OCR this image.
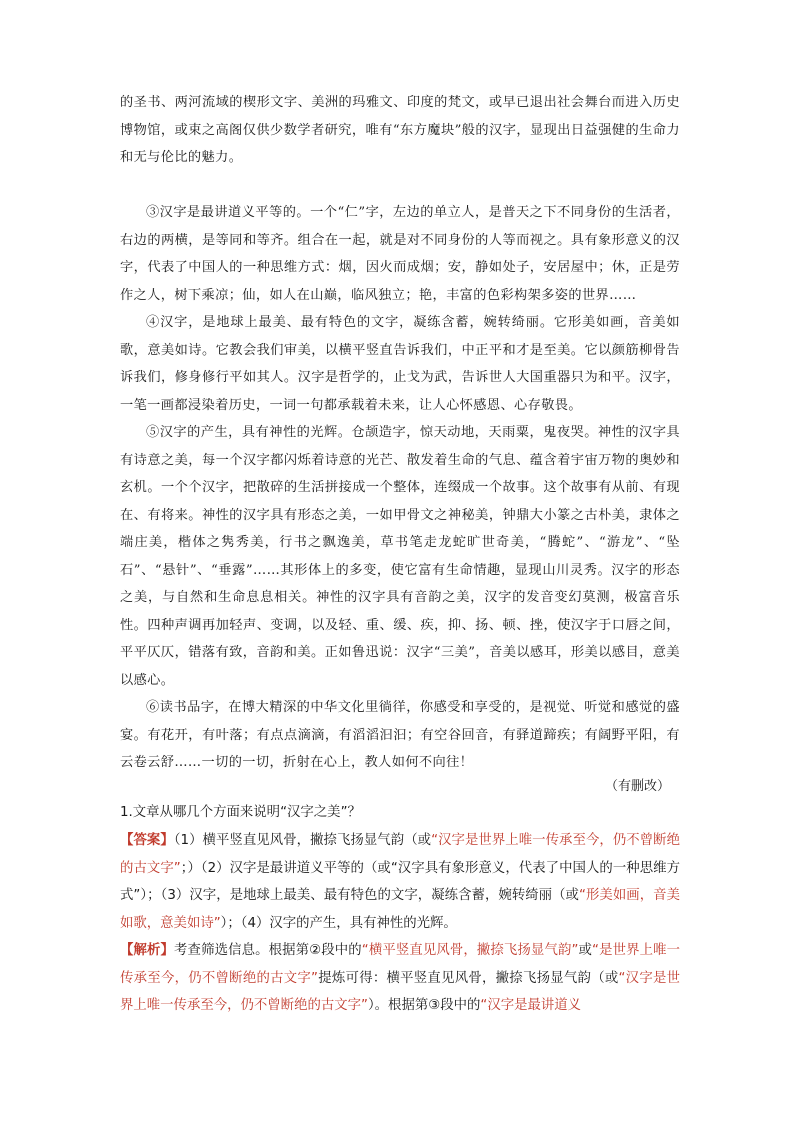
的圣书、两河流域的楔形文字、美洲的玛雅文、印度的梵文，或早已退出社会舞台而进入历史博物馆，或束之高阁仅供少数学者研究，唯有“东方魔块”般的汉字，显现出日益强健的生命力和无与伦比的魅力。

③汉字是最讲道义平等的。一个“仁”字，左边的单立人，是普天之下不同身份的生活者，右边的两横，是等同和等齐。组合在一起，就是对不同身份的人等而视之。具有象形意义的汉字，代表了中国人的一种思维方式：烟，因火而成烟；安，静如处子，安居屋中；休，正是劳作之人，树下乘凉；仙，如人在山巅，临风独立；艳，丰富的色彩构架多姿的世界……

④汉字，是地球上最美、最有特色的文字，凝练含蓄，婉转绮丽。它形美如画，音美如歌，意美如诗。它教会我们审美，以横平竖直告诉我们，中正平和才是至美。它以颜筋柳骨告诉我们，修身修行平如其人。汉字是哲学的，止戈为武，告诉世人大国重器只为和平。汉字，一笔一画都浸染着历史，一词一句都承载着未来，让人心怀感恩、心存敬畏。

⑤汉字的产生，具有神性的光辉。仓颉造字，惊天动地，天雨粟，鬼夜哭。神性的汉字具有诗意之美，每一个汉字都闪烁着诗意的光芒、散发着生命的气息、蕴含着宇宙万物的奥妙和玄机。一个个汉字，把散碎的生活拼接成一个整体，连缀成一个故事。这个故事有从前、有现在、有将来。神性的汉字具有形态之美，一如甲骨文之神秘美，钟鼎大小篆之古朴美，隶体之端庄美，楷体之隽秀美，行书之飘逸美，草书笔走龙蛇旷世奇美，“腾蛇”、“游龙”、“坠石”、“悬针”、“垂露”……其形体上的多变，使它富有生命情趣，显现山川灵秀。汉字的形态之美，与自然和生命息息相关。神性的汉字具有音韵之美，汉字的发音变幻莫测，极富音乐性。四种声调再加轻声、变调，以及轻、重、缓、疾，抑、扬、顿、挫，使汉字于口唇之间，平平仄仄，错落有致，音韵和美。正如鲁迅说：汉字“三美”，音美以感耳，形美以感目，意美以感心。

⑥读书品字，在博大精深的中华文化里徜徉，你感受和享受的，是视觉、听觉和感觉的盛宴。有花开，有叶落；有点点滴滴，有滔滔汩汩；有空谷回音，有驿道蹄疾；有阔野平阳，有云卷云舒……一切的一切，折射在心上，教人如何不向往！

（有删改）

1.文章从哪几个方面来说明“汉字之美”？

【答案】（1）横平竖直见风骨，撇捺飞扬显气韵（或“汉字是世界上唯一传承至今，仍不曾断绝的古文字”；）（2）汉字是最讲道义平等的（或“汉字具有象形意义，代表了中国人的一种思维方式”）；（3）汉字，是地球上最美、最有特色的文字，凝练含蓄，婉转绮丽（或“形美如画，音美如歌，意美如诗”）；（4）汉字的产生，具有神性的光辉。

【解析】考查筛选信息。根据第②段中的“横平竖直见风骨，撇捺飞扬显气韵”或“是世界上唯一传承至今，仍不曾断绝的古文字”提炼可得：横平竖直见风骨，撇捺飞扬显气韵（或“汉字是世界上唯一传承至今，仍不曾断绝的古文字”）。根据第③段中的“汉字是最讲道义
